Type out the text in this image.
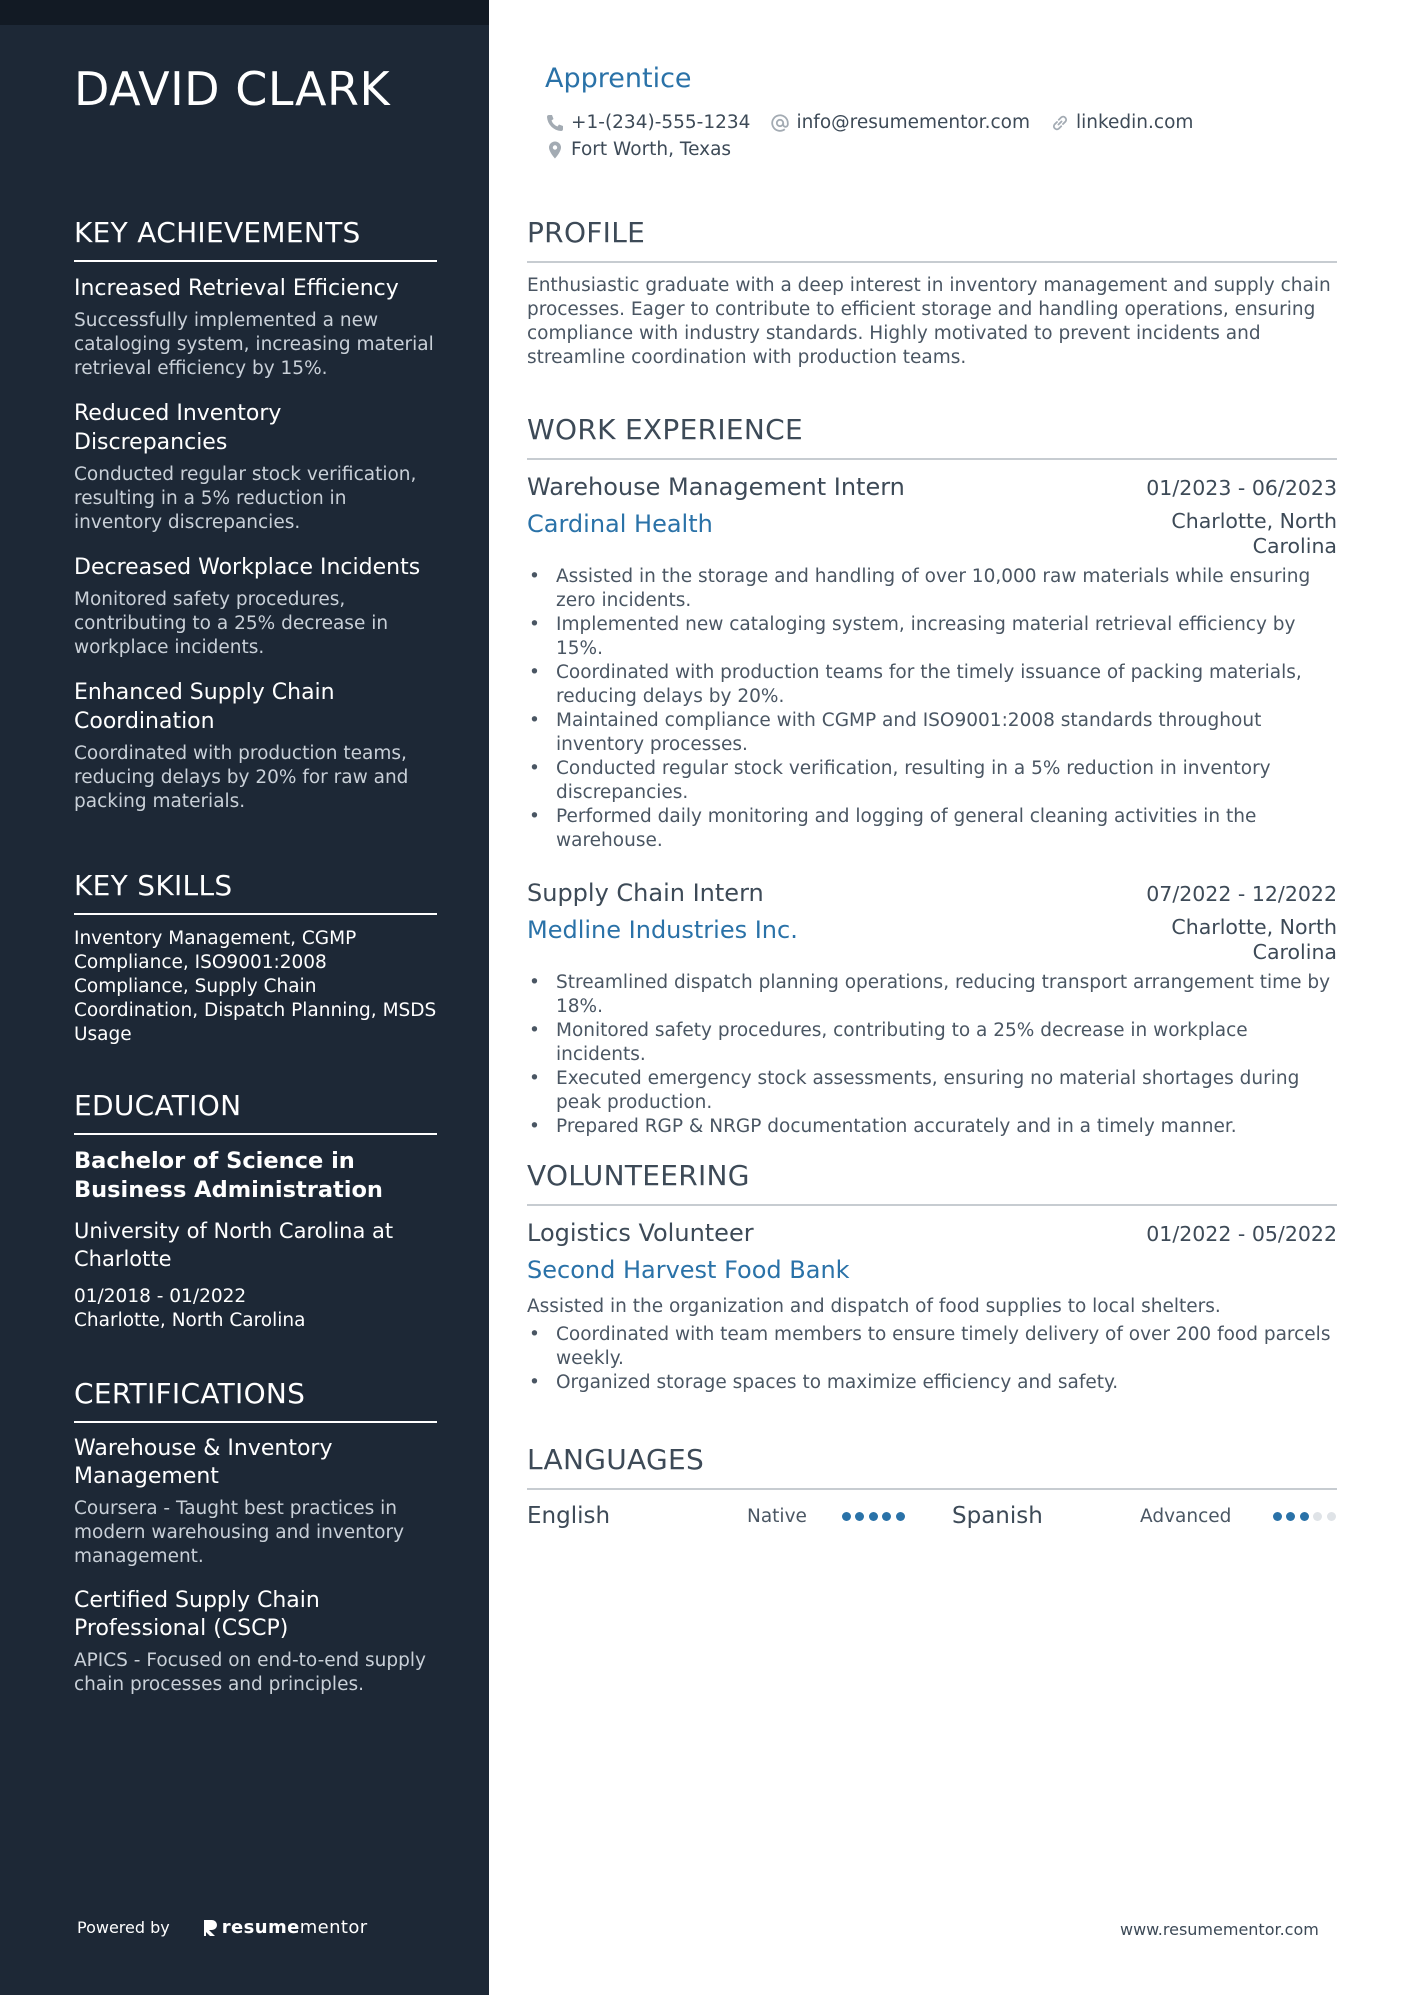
DAVID CLARK
KEY ACHIEVEMENTS
Increased Retrieval Efficiency
Successfully implemented a new cataloging system, increasing material retrieval efficiency by 15%.
Reduced Inventory Discrepancies
Conducted regular stock verification, resulting in a 5% reduction in inventory discrepancies.
Decreased Workplace Incidents
Monitored safety procedures, contributing to a 25% decrease in workplace incidents.
Enhanced Supply Chain Coordination
Coordinated with production teams, reducing delays by 20% for raw and packing materials.
KEY SKILLS
Inventory Management, CGMP Compliance, ISO9001:2008 Compliance, Supply Chain Coordination, Dispatch Planning, MSDS Usage
EDUCATION
Bachelor of Science in Business Administration
University of North Carolina at Charlotte
01/2018 - 01/2022
Charlotte, North Carolina
CERTIFICATIONS
Warehouse & Inventory Management
Coursera - Taught best practices in modern warehousing and inventory management.
Certified Supply Chain Professional (CSCP)
APICS - Focused on end-to-end supply chain processes and principles.
Powered by	resumementor
Apprentice
+1-(234)-555-1234 info@resumementor.com linkedin.com
Fort Worth, Texas
PROFILE
Enthusiastic graduate with a deep interest in inventory management and supply chain processes. Eager to contribute to efficient storage and handling operations, ensuring compliance with industry standards. Highly motivated to prevent incidents and streamline coordination with production teams.
WORK EXPERIENCE
Warehouse Management Intern	01/2023 - 06/2023
Cardinal Health	Charlotte, North Carolina
• Assisted in the storage and handling of over 10,000 raw materials while ensuring zero incidents.
• Implemented new cataloging system, increasing material retrieval efficiency by 15%.
• Coordinated with production teams for the timely issuance of packing materials, reducing delays by 20%.
• Maintained compliance with CGMP and ISO9001:2008 standards throughout inventory processes.
• Conducted regular stock verification, resulting in a 5% reduction in inventory discrepancies.
• Performed daily monitoring and logging of general cleaning activities in the warehouse.
Supply Chain Intern	07/2022 - 12/2022
Medline Industries Inc.	Charlotte, North Carolina
• Streamlined dispatch planning operations, reducing transport arrangement time by 18%.
• Monitored safety procedures, contributing to a 25% decrease in workplace incidents.
• Executed emergency stock assessments, ensuring no material shortages during peak production.
• Prepared RGP & NRGP documentation accurately and in a timely manner.
VOLUNTEERING
Logistics Volunteer	01/2022 - 05/2022
Second Harvest Food Bank
Assisted in the organization and dispatch of food supplies to local shelters.
• Coordinated with team members to ensure timely delivery of over 200 food parcels weekly.
• Organized storage spaces to maximize efficiency and safety.
LANGUAGES
English	Native	Spanish	Advanced
www.resumementor.com
